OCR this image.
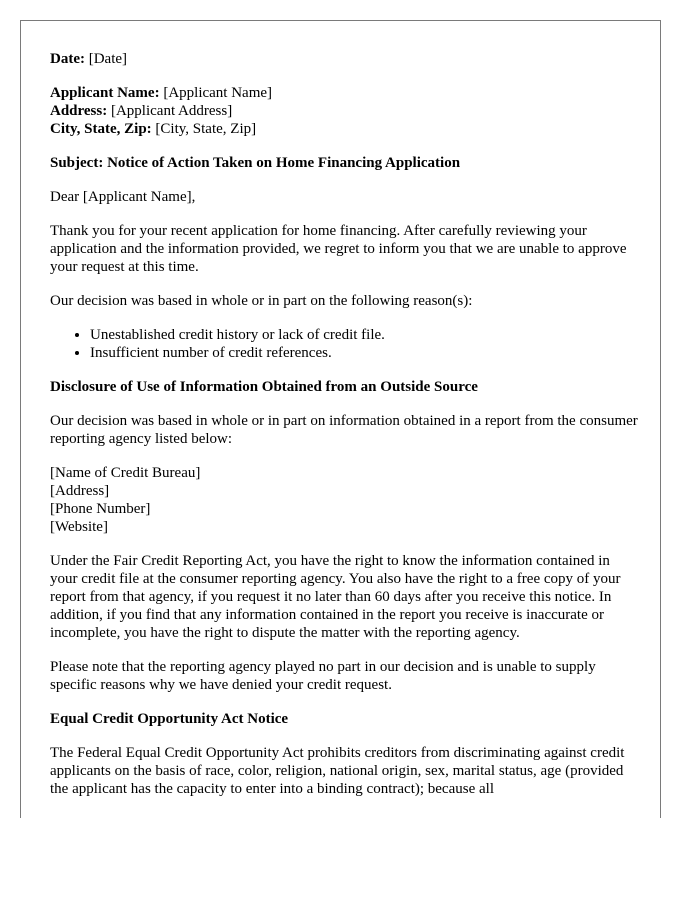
Date: [Date]

Applicant Name: [Applicant Name]
Address: [Applicant Address]
City, State, Zip: [City, State, Zip]

Subject: Notice of Action Taken on Home Financing Application

Dear [Applicant Name],

Thank you for your recent application for home financing. After carefully reviewing your application and the information provided, we regret to inform you that we are unable to approve your request at this time.

Our decision was based in whole or in part on the following reason(s):

• Unestablished credit history or lack of credit file.
• Insufficient number of credit references.

Disclosure of Use of Information Obtained from an Outside Source

Our decision was based in whole or in part on information obtained in a report from the consumer reporting agency listed below:

[Name of Credit Bureau]
[Address]
[Phone Number]
[Website]

Under the Fair Credit Reporting Act, you have the right to know the information contained in your credit file at the consumer reporting agency. You also have the right to a free copy of your report from that agency, if you request it no later than 60 days after you receive this notice. In addition, if you find that any information contained in the report you receive is inaccurate or incomplete, you have the right to dispute the matter with the reporting agency.

Please note that the reporting agency played no part in our decision and is unable to supply specific reasons why we have denied your credit request.

Equal Credit Opportunity Act Notice

The Federal Equal Credit Opportunity Act prohibits creditors from discriminating against credit applicants on the basis of race, color, religion, national origin, sex, marital status, age (provided the applicant has the capacity to enter into a binding contract); because all
